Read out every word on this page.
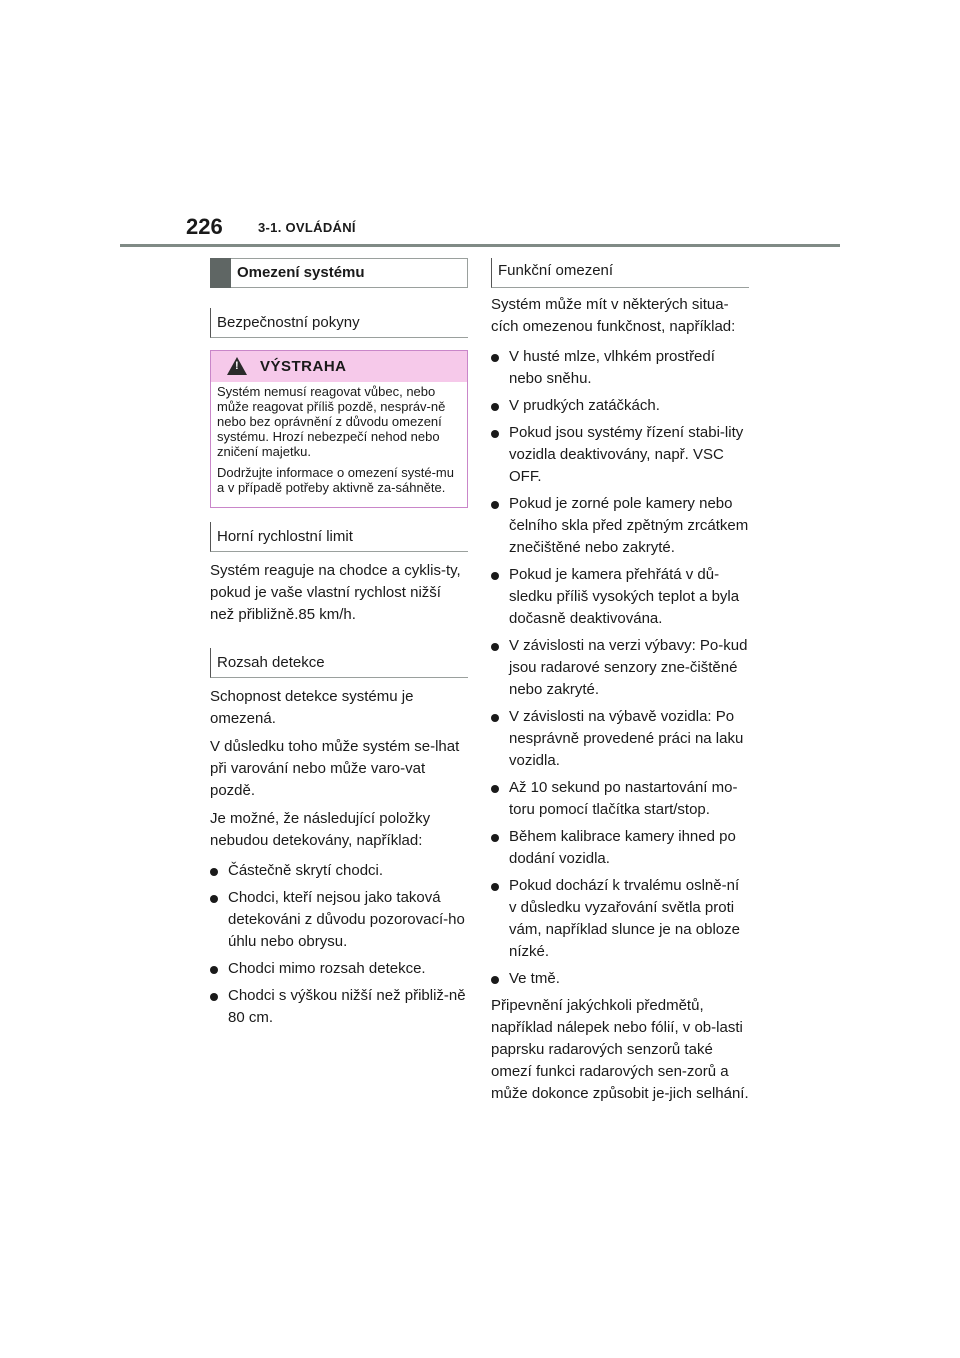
226	3-1. OVLÁDÁNÍ
Omezení systému
Bezpečnostní pokyny
!
VÝSTRAHA

Systém nemusí reagovat vůbec, nebo může reagovat příliš pozdě, nespráv-ně nebo bez oprávnění z důvodu omezení systému. Hrozí nebezpečí nehod nebo zničení majetku.

Dodržujte informace o omezení systé-mu a v případě potřeby aktivně za-sáhněte.

Horní rychlostní limit

Systém reaguje na chodce a cyklis-ty, pokud je vaše vlastní rychlost nižší než přibližně.85 km/h.

Rozsah detekce

Schopnost detekce systému je omezená.

V důsledku toho může systém se-lhat při varování nebo může varo-vat pozdě.

Je možné, že následující položky nebudou detekovány, například:

Částečně skrytí chodci.
Chodci, kteří nejsou jako taková detekováni z důvodu pozorovací-ho úhlu nebo obrysu.
Chodci mimo rozsah detekce.
Chodci s výškou nižší než přibliž-ně 80 cm.
Funkční omezení

Systém může mít v některých situa-cích omezenou funkčnost, například:

V husté mlze, vlhkém prostředí nebo sněhu.
V prudkých zatáčkách.
Pokud jsou systémy řízení stabi-lity vozidla deaktivovány, např. VSC OFF.
Pokud je zorné pole kamery nebo čelního skla před zpětným zrcátkem znečištěné nebo zakryté.
Pokud je kamera přehřátá v dů-sledku příliš vysokých teplot a byla dočasně deaktivována.
V závislosti na verzi výbavy: Po-kud jsou radarové senzory zne-čištěné nebo zakryté.
V závislosti na výbavě vozidla: Po nesprávně provedené práci na laku vozidla.
Až 10 sekund po nastartování mo-toru pomocí tlačítka start/stop.
Během kalibrace kamery ihned po dodání vozidla.
Pokud dochází k trvalému oslně-ní v důsledku vyzařování světla proti vám, například slunce je na obloze nízké.
Ve tmě.

Připevnění jakýchkoli předmětů, například nálepek nebo fólií, v ob-lasti paprsku radarových senzorů také omezí funkci radarových sen-zorů a může dokonce způsobit je-jich selhání.
